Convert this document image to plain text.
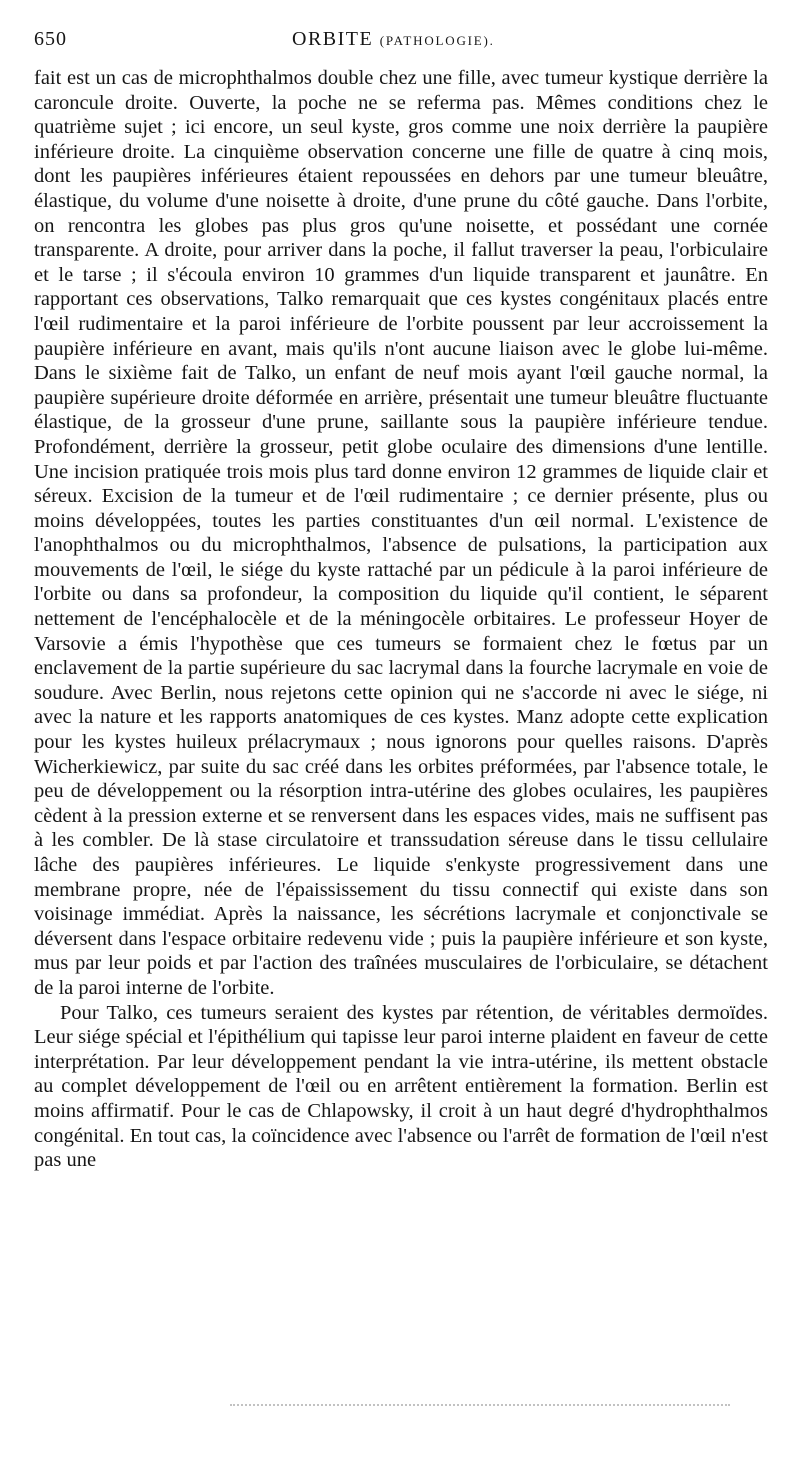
650	ORBITE (PATHOLOGIE).

fait est un cas de microphthalmos double chez une fille, avec tumeur kystique derrière la caroncule droite. Ouverte, la poche ne se referma pas. Mêmes conditions chez le quatrième sujet ; ici encore, un seul kyste, gros comme une noix derrière la paupière inférieure droite. La cinquième observation concerne une fille de quatre à cinq mois, dont les paupières inférieures étaient repoussées en dehors par une tumeur bleuâtre, élastique, du volume d'une noisette à droite, d'une prune du côté gauche. Dans l'orbite, on rencontra les globes pas plus gros qu'une noisette, et possédant une cornée transparente. A droite, pour arriver dans la poche, il fallut traverser la peau, l'orbiculaire et le tarse ; il s'écoula environ 10 grammes d'un liquide transparent et jaunâtre. En rapportant ces observations, Talko remarquait que ces kystes congénitaux placés entre l'œil rudimentaire et la paroi inférieure de l'orbite poussent par leur accroissement la paupière inférieure en avant, mais qu'ils n'ont aucune liaison avec le globe lui-même. Dans le sixième fait de Talko, un enfant de neuf mois ayant l'œil gauche normal, la paupière supérieure droite déformée en arrière, présentait une tumeur bleuâtre fluctuante élastique, de la grosseur d'une prune, saillante sous la paupière inférieure tendue. Profondément, derrière la grosseur, petit globe oculaire des dimensions d'une lentille. Une incision pratiquée trois mois plus tard donne environ 12 grammes de liquide clair et séreux. Excision de la tumeur et de l'œil rudimentaire ; ce dernier présente, plus ou moins développées, toutes les parties constituantes d'un œil normal. L'existence de l'anophthalmos ou du microphthalmos, l'absence de pulsations, la participation aux mouvements de l'œil, le siége du kyste rattaché par un pédicule à la paroi inférieure de l'orbite ou dans sa profondeur, la composition du liquide qu'il contient, le séparent nettement de l'encéphalocèle et de la méningocèle orbitaires. Le professeur Hoyer de Varsovie a émis l'hypothèse que ces tumeurs se formaient chez le fœtus par un enclavement de la partie supérieure du sac lacrymal dans la fourche lacrymale en voie de soudure. Avec Berlin, nous rejetons cette opinion qui ne s'accorde ni avec le siége, ni avec la nature et les rapports anatomiques de ces kystes. Manz adopte cette explication pour les kystes huileux prélacrymaux ; nous ignorons pour quelles raisons. D'après Wicherkiewicz, par suite du sac créé dans les orbites préformées, par l'absence totale, le peu de développement ou la résorption intra-utérine des globes oculaires, les paupières cèdent à la pression externe et se renversent dans les espaces vides, mais ne suffisent pas à les combler. De là stase circulatoire et transsudation séreuse dans le tissu cellulaire lâche des paupières inférieures. Le liquide s'enkyste progressivement dans une membrane propre, née de l'épaississement du tissu connectif qui existe dans son voisinage immédiat. Après la naissance, les sécrétions lacrymale et conjonctivale se déversent dans l'espace orbitaire redevenu vide ; puis la paupière inférieure et son kyste, mus par leur poids et par l'action des traînées musculaires de l'orbiculaire, se détachent de la paroi interne de l'orbite.

Pour Talko, ces tumeurs seraient des kystes par rétention, de véritables dermoïdes. Leur siége spécial et l'épithélium qui tapisse leur paroi interne plaident en faveur de cette interprétation. Par leur développement pendant la vie intra-utérine, ils mettent obstacle au complet développement de l'œil ou en arrêtent entièrement la formation. Berlin est moins affirmatif. Pour le cas de Chlapowsky, il croit à un haut degré d'hydrophthalmos congénital. En tout cas, la coïncidence avec l'absence ou l'arrêt de formation de l'œil n'est pas une
